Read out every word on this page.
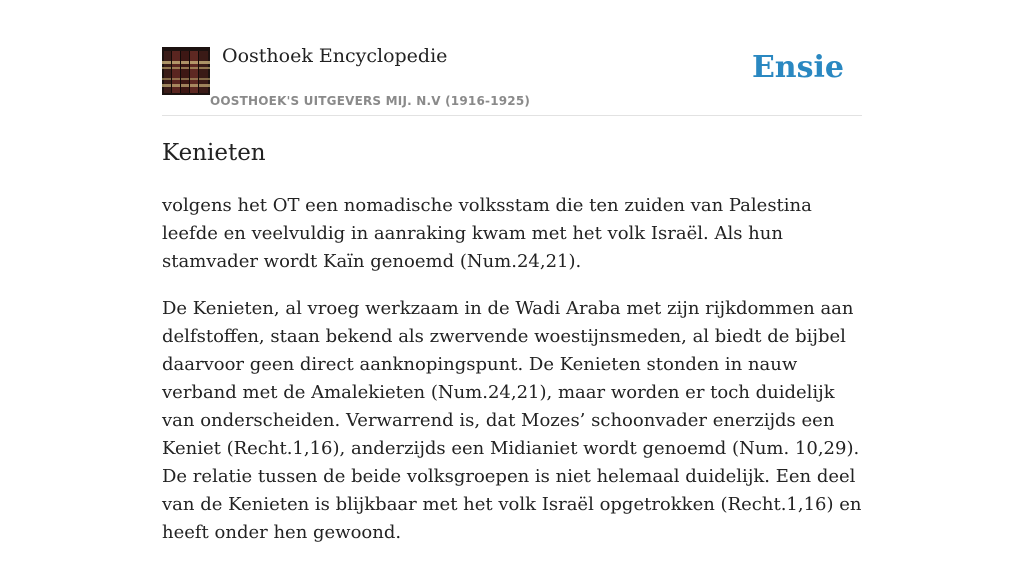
Oosthoek Encyclopedie
OOSTHOEK'S UITGEVERS MIJ. N.V (1916-1925)
Ensie
Kenieten

volgens het OT een nomadische volksstam die ten zuiden van Palestina leefde en veelvuldig in aanraking kwam met het volk Israël. Als hun stamvader wordt Kaïn genoemd (Num.24,21).

De Kenieten, al vroeg werkzaam in de Wadi Araba met zijn rijkdommen aan delfstoffen, staan bekend als zwervende woestijnsmeden, al biedt de bijbel daarvoor geen direct aanknopingspunt. De Kenieten stonden in nauw verband met de Amalekieten (Num.24,21), maar worden er toch duidelijk van onderscheiden. Verwarrend is, dat Mozes’ schoonvader enerzijds een Keniet (Recht.1,16), anderzijds een Midianiet wordt genoemd (Num. 10,29). De relatie tussen de beide volksgroepen is niet helemaal duidelijk. Een deel van de Kenieten is blijkbaar met het volk Israël opgetrokken (Recht.1,16) en heeft onder hen gewoond.
